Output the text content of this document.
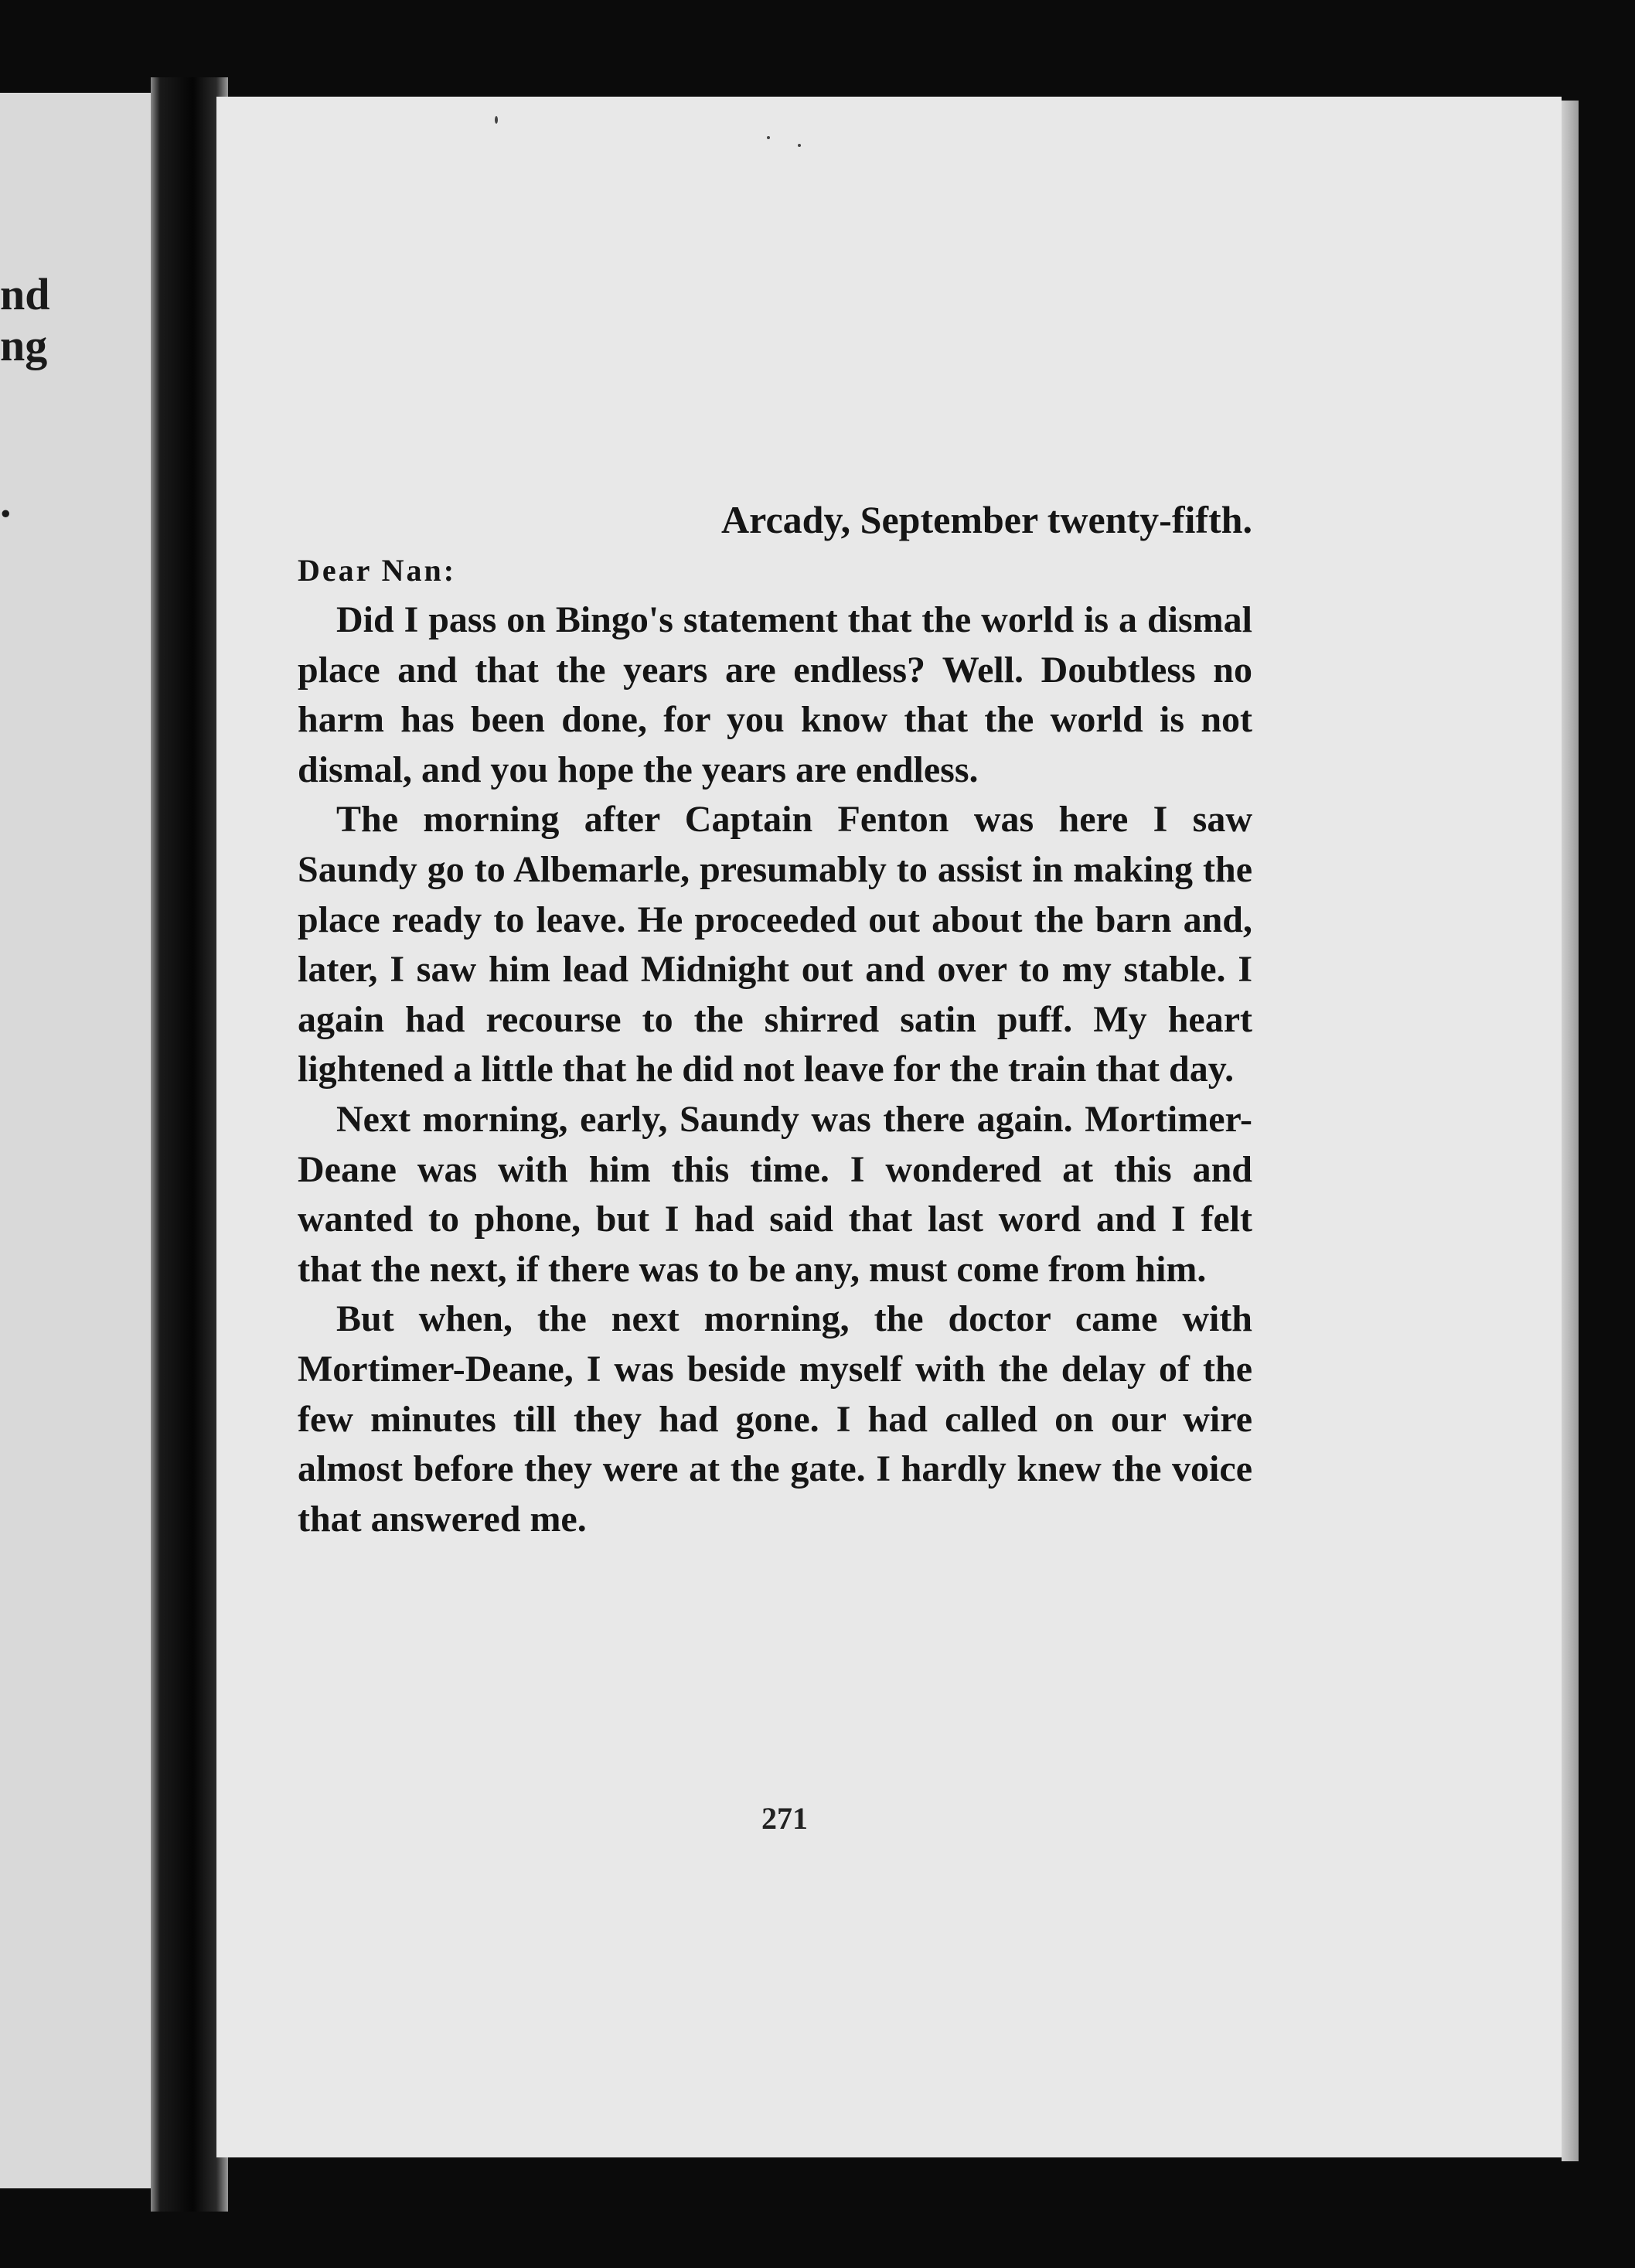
nd
ng
.	Arcady, September twenty-fifth.

Dear Nan:

Did I pass on Bingo's statement that the world is a dismal place and that the years are endless? Well. Doubtless no harm has been done, for you know that the world is not dismal, and you hope the years are endless.

The morning after Captain Fenton was here I saw Saundy go to Albemarle, presumably to assist in making the place ready to leave. He proceeded out about the barn and, later, I saw him lead Midnight out and over to my stable. I again had recourse to the shirred satin puff. My heart lightened a little that he did not leave for the train that day.

Next morning, early, Saundy was there again. Mortimer-Deane was with him this time. I wondered at this and wanted to phone, but I had said that last word and I felt that the next, if there was to be any, must come from him.

But when, the next morning, the doctor came with Mortimer-Deane, I was beside myself with the delay of the few minutes till they had gone. I had called on our wire almost before they were at the gate. I hardly knew the voice that answered me.

271
